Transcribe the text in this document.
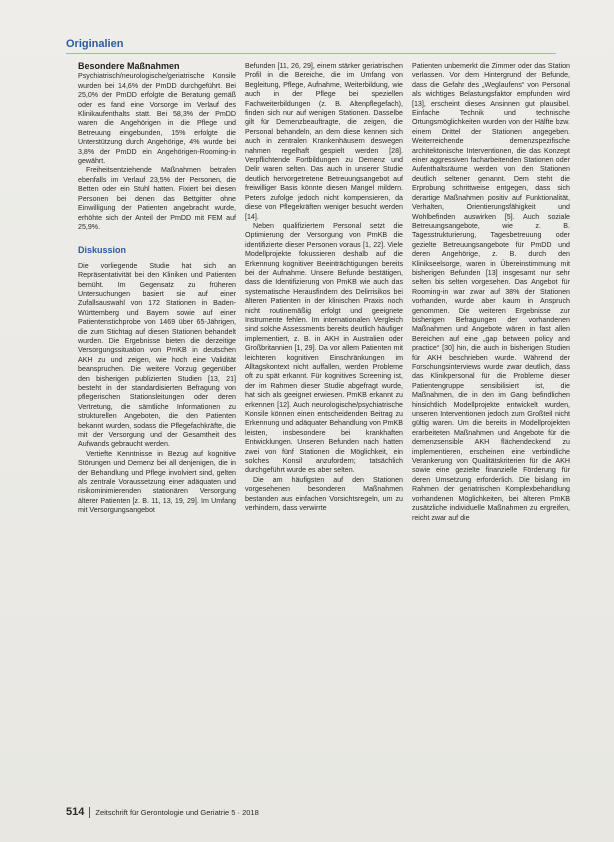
Originalien
Besondere Maßnahmen

Psychiatrisch/neurologische/geriatrische Konsile wurden bei 14,6% der PmDD durchgeführt. Bei 25,0% der PmDD erfolgte die Beratung gemäß oder es fand eine Vorsorge im Verlauf des Klinikaufenthalts statt. Bei 58,3% der PmDD waren die Angehörigen in die Pflege und Betreuung eingebunden, 15% erfolgte die Unterstützung durch Angehörige, 4% wurde bei 3,8% der PmDD ein Angehörigen-Rooming-in gewährt.

Freiheitsentziehende Maßnahmen betrafen ebenfalls im Verlauf 23,5% der Personen, die Betten oder ein Stuhl hatten. Fixiert bei diesen Personen bei denen das Bettgitter ohne Einwilligung der Patienten angebracht wurde, erhöhte sich der Anteil der PmDD mit FEM auf 25,9%.

Diskussion

Die vorliegende Studie hat sich an Repräsentativität bei den Kliniken und Patienten bemüht. Im Gegensatz zu früheren Untersuchungen basiert sie auf einer Zufallsauswahl von 172 Stationen in Baden-Württemberg und Bayern sowie auf einer Patientenstichprobe von 1469 über 65-Jährigen, die zum Stichtag auf diesen Stationen behandelt wurden. Die Ergebnisse bieten die derzeitige Versorgungssituation von PmKB in deutschen AKH zu und zeigen, wie hoch eine Validität beanspruchen. Die weitere Vorzug gegenüber den bisherigen publizierten Studien [13, 21] besteht in der standardisierten Befragung von pflegerischen Stationsleitungen oder deren Vertretung, die sämtliche Informationen zu strukturellen Angeboten, die den Patienten bekannt wurden, sodass die Pflegefachkräfte, die mit der Versorgung und der Gesamtheit des Aufwands gebraucht werden.

Vertiefte Kenntnisse in Bezug auf kognitive Störungen und Demenz bei all denjenigen, die in der Behandlung und Pflege involviert sind, gelten als zentrale Voraussetzung einer adäquaten und risikominimierenden stationären Versorgung älterer Patienten [z. B. 11, 13, 19, 29]. Im Umfang mit Versorgungsangebot

Befunden [11, 26, 29], einem stärker geriatrischen Profil in die Bereiche, die im Umfang von Begleitung, Pflege, Aufnahme, Weiterbildung, wie auch in der Pflege bei speziellen Fachweiterbildungen (z. B. Altenpflegefach), finden sich nur auf wenigen Stationen. Dasselbe gilt für Demenzbeauftragte, die zeigen, die Personal behandeln, an dem diese kennen sich auch in zentralen Krankenhäusern deswegen nahmen regelhaft gespielt werden [28]. Verpflichtende Fortbildungen zu Demenz und Delir waren selten. Das auch in unserer Studie deutlich hervorgetretene Betreuungsangebot auf freiwilliger Basis könnte diesen Mangel mildern. Peters zufolge jedoch nicht kompensieren, da diese von Pflegekräften weniger besucht werden [14].

Neben qualifiziertem Personal setzt die Optimierung der Versorgung von PmKB die identifizierte dieser Personen voraus [1, 22]. Viele Modellprojekte fokussieren deshalb auf die Erkennung kognitiver Beeinträchtigungen bereits bei der Aufnahme. Unsere Befunde bestätigen, dass die Identifizierung von PmKB wie auch das systematische Herausfindern des Delirrisikos bei älteren Patienten in der klinischen Praxis noch nicht routinemäßig erfolgt und geeignete Instrumente fehlen. Im internationalen Vergleich sind solche Assessments bereits deutlich häufiger implementiert, z. B. in AKH in Australien oder Großbritannien [1, 29]. Da vor allem Patienten mit leichteren kognitiven Einschränkungen im Alltagskontext nicht auffallen, werden Probleme oft zu spät erkannt. Für kognitives Screening ist, der im Rahmen dieser Studie abgefragt wurde, hat sich als geeignet erwiesen. PmKB erkannt zu erkennen [12]. Auch neurologische/psychiatrische Konsile können einen entscheidenden Beitrag zu Erkennung und adäquater Behandlung von PmKB leisten, insbesondere bei krankhaften Entwicklungen. Unseren Befunden nach hatten zwei von fünf Stationen die Möglichkeit, ein solches Konsil anzufordern; tatsächlich durchgeführt wurde es aber selten.

Die am häufigsten auf den Stationen vorgesehenen besonderen Maßnahmen bestanden aus einfachen Vorsichtsregeln, um zu verhindern, dass verwirrte

Patienten unbemerkt die Zimmer oder das Station verlassen. Vor dem Hintergrund der Befunde, dass die Gefahr des „Weglaufens“ von Personal als wichtiges Belastungsfaktor empfunden wird [13], erscheint dieses Ansinnen gut plausibel. Einfache Technik und technische Ortungsmöglichkeiten wurden von der Hälfte bzw. einem Drittel der Stationen angegeben. Weiterreichende demenzspezifische architektonische Interventionen, die das Konzept einer aggressiven facharbeitenden Stationen oder Aufenthaltsräume werden von den Stationen deutlich seltener genannt. Dem steht die Erprobung schrittweise entgegen, dass sich derartige Maßnahmen positiv auf Funktionalität, Verhalten, Orientierungsfähigkeit und Wohlbefinden auswirken [5]. Auch soziale Betreuungsangebote, wie z. B. Tagesstrukturierung, Tagesbetreuung oder gezielte Betreuungsangebote für PmDD und deren Angehörige, z. B. durch den Klinikseelsorge, waren in Übereinstimmung mit bisherigen Befunden [13] insgesamt nur sehr selten bis selten vorgesehen. Das Angebot für Rooming-in war zwar auf 38% der Stationen vorhanden, wurde aber kaum in Anspruch genommen. Die weiteren Ergebnisse zur bisherigen Befragungen der vorhandenen Maßnahmen und Angebote wären in fast allen Bereichen auf eine „gap between policy and practice“ [30] hin, die auch in bisherigen Studien für AKH beschrieben wurde. Während der Forschungsinterviews wurde zwar deutlich, dass das Klinikpersonal für die Probleme dieser Patientengruppe sensibilisiert ist, die Maßnahmen, die in den im Gang befindlichen hinsichtlich Modellprojekte entwickelt wurden, unseren Interventionen jedoch zum Großteil nicht gültig waren. Um die bereits in Modellprojekten erarbeiteten Maßnahmen und Angebote für die demenzsensible AKH flächendeckend zu implementieren, erscheinen eine verbindliche Verankerung von Qualitätskriterien für die AKH sowie eine gezielte finanzielle Förderung für deren Umsetzung erforderlich. Die bislang im Rahmen der geriatrischen Komplexbehandlung vorhandenen Möglichkeiten, bei älteren PmKB zusätzliche individuelle Maßnahmen zu ergreifen, reicht zwar auf die

514 Zeitschrift für Gerontologie und Geriatrie 5 · 2018
